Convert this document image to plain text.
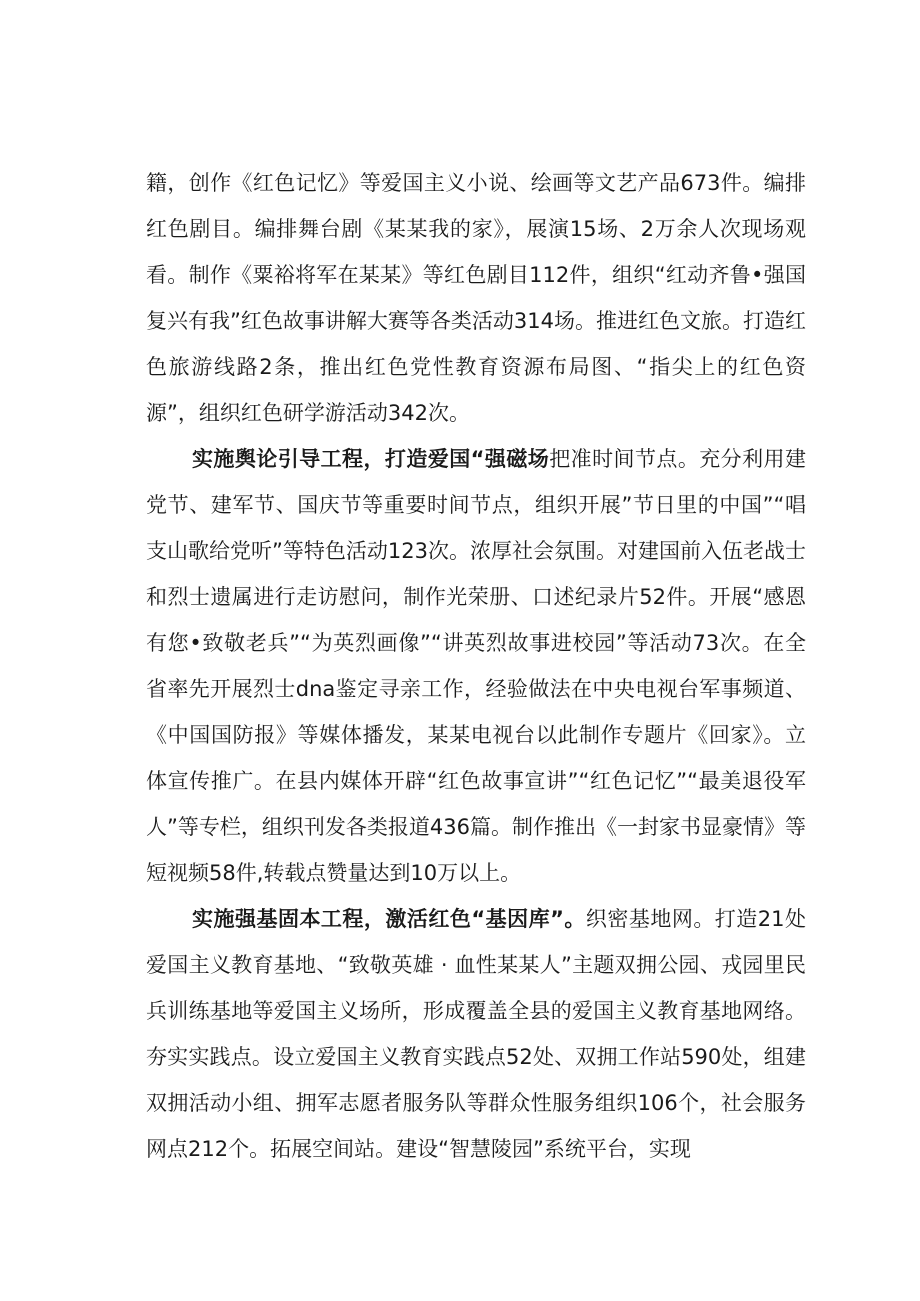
籍，创作《红色记忆》等爱国主义小说、绘画等文艺产品673件。编排红色剧目。编排舞台剧《某某我的家》，展演15场、2万余人次现场观看。制作《粟裕将军在某某》等红色剧目112件，组织“红动齐鲁•强国复兴有我”红色故事讲解大赛等各类活动314场。推进红色文旅。打造红色旅游线路2条，推出红色党性教育资源布局图、“指尖上的红色资源”，组织红色研学游活动342次。

实施舆论引导工程，打造爱国“强磁场把准时间节点。充分利用建党节、建军节、国庆节等重要时间节点，组织开展”节日里的中国”“唱支山歌给党听”等特色活动123次。浓厚社会氛围。对建国前入伍老战士和烈士遗属进行走访慰问，制作光荣册、口述纪录片52件。开展“感恩有您•致敬老兵”“为英烈画像”“讲英烈故事进校园”等活动73次。在全省率先开展烈士dna鉴定寻亲工作，经验做法在中央电视台军事频道、《中国国防报》等媒体播发，某某电视台以此制作专题片《回家》。立体宣传推广。在县内媒体开辟“红色故事宣讲”“红色记忆”“最美退役军人”等专栏，组织刊发各类报道436篇。制作推出《一封家书显豪情》等短视频58件,转载点赞量达到10万以上。

实施强基固本工程，激活红色“基因库”。织密基地网。打造21处爱国主义教育基地、“致敬英雄 · 血性某某人”主题双拥公园、戎园里民兵训练基地等爱国主义场所，形成覆盖全县的爱国主义教育基地网络。夯实实践点。设立爱国主义教育实践点52处、双拥工作站590处，组建双拥活动小组、拥军志愿者服务队等群众性服务组织106个，社会服务网点212个。拓展空间站。建设“智慧陵园”系统平台，实现
